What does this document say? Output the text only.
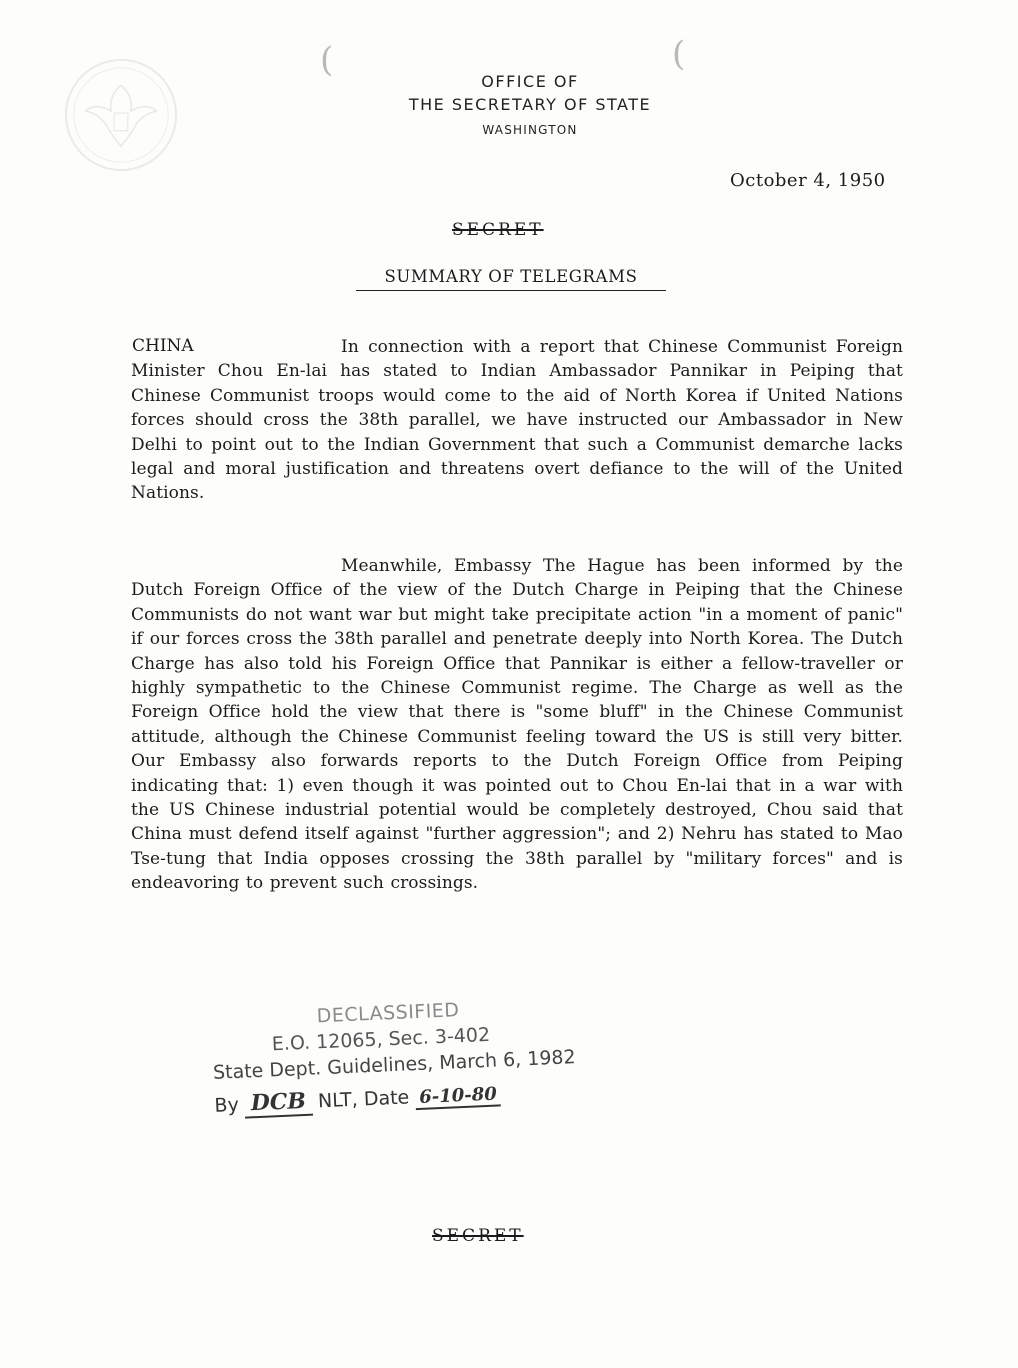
(	(
OFFICE OF
THE SECRETARY OF STATE
WASHINGTON
October 4, 1950
SECRET
SUMMARY OF TELEGRAMS
CHINA	In connection with a report that Chinese Communist Foreign Minister Chou En-lai has stated to Indian Ambassador Pannikar in Peiping that Chinese Communist troops would come to the aid of North Korea if United Nations forces should cross the 38th parallel, we have instructed our Ambassador in New Delhi to point out to the Indian Government that such a Communist demarche lacks legal and moral justification and threatens overt defiance to the will of the United Nations.
Meanwhile, Embassy The Hague has been informed by the Dutch Foreign Office of the view of the Dutch Charge in Peiping that the Chinese Communists do not want war but might take precipitate action "in a moment of panic" if our forces cross the 38th parallel and penetrate deeply into North Korea. The Dutch Charge has also told his Foreign Office that Pannikar is either a fellow-traveller or highly sympathetic to the Chinese Communist regime. The Charge as well as the Foreign Office hold the view that there is "some bluff" in the Chinese Communist attitude, although the Chinese Communist feeling toward the US is still very bitter. Our Embassy also forwards reports to the Dutch Foreign Office from Peiping indicating that: 1) even though it was pointed out to Chou En-lai that in a war with the US Chinese industrial potential would be completely destroyed, Chou said that China must defend itself against "further aggression"; and 2) Nehru has stated to Mao Tse-tung that India opposes crossing the 38th parallel by "military forces" and is endeavoring to prevent such crossings.
DECLASSIFIED
E.O. 12065, Sec. 3-402
State Dept. Guidelines, March 6, 1982
By DCB NLT, Date 6-10-80
SECRET
